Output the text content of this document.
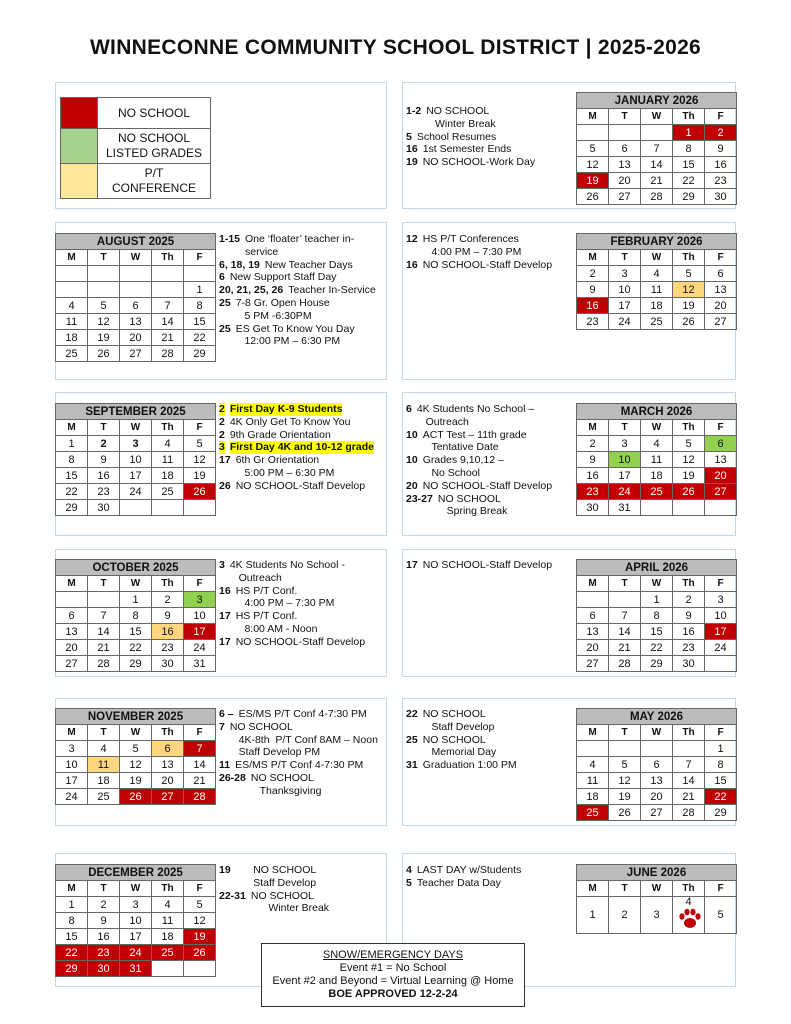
WINNECONNE COMMUNITY SCHOOL DISTRICT | 2025-2026
	NO SCHOOL
	NO SCHOOL
LISTED GRADES
	P/T
CONFERENCE
JANUARY 2026				
M	T	W	Th	F
			1	2
5	6	7	8	9
12	13	14	15	16
19	20	21	22	23
26	27	28	29	30
AUGUST 2025				
M	T	W	Th	F

				1
4	5	6	7	8
11	12	13	14	15
18	19	20	21	22
25	26	27	28	29
FEBRUARY 2026				
M	T	W	Th	F
2	3	4	5	6
9	10	11	12	13
16	17	18	19	20
23	24	25	26	27
SEPTEMBER 2025				
M	T	W	Th	F
1	2	3	4	5
8	9	10	11	12
15	16	17	18	19
22	23	24	25	26
29	30			
MARCH 2026				
M	T	W	Th	F
2	3	4	5	6
9	10	11	12	13
16	17	18	19	20
23	24	25	26	27
30	31			
OCTOBER 2025				
M	T	W	Th	F
		1	2	3
6	7	8	9	10
13	14	15	16	17
20	21	22	23	24
27	28	29	30	31
APRIL 2026				
M	T	W	Th	F
		1	2	3
6	7	8	9	10
13	14	15	16	17
20	21	22	23	24
27	28	29	30	
NOVEMBER 2025				
M	T	W	Th	F
3	4	5	6	7
10	11	12	13	14
17	18	19	20	21
24	25	26	27	28
MAY 2026				
M	T	W	Th	F
				1
4	5	6	7	8
11	12	13	14	15
18	19	20	21	22
25	26	27	28	29
DECEMBER 2025				
M	T	W	Th	F
1	2	3	4	5
8	9	10	11	12
15	16	17	18	19
22	23	24	25	26
29	30	31		
JUNE 2026				
M	T	W	Th	F
1	2	3	4	5
1-2 NO SCHOOL
Winter Break
5 School Resumes
16 1st Semester Ends
19 NO SCHOOL-Work Day
1-15 One ‘floater’ teacher in-
service
6, 18, 19 New Teacher Days
6 New Support Staff Day
20, 21, 25, 26 Teacher In-Service
25 7-8 Gr. Open House
5 PM -6:30PM
25 ES Get To Know You Day
12:00 PM – 6:30 PM
12 HS P/T Conferences
4:00 PM – 7:30 PM
16 NO SCHOOL-Staff Develop
2 First Day K-9 Students
2 4K Only Get To Know You
2 9th Grade Orientation
3 First Day 4K and 10-12 grade
17 6th Gr Orientation
5:00 PM – 6:30 PM
26 NO SCHOOL-Staff Develop
6 4K Students No School –
Outreach
10 ACT Test – 11th grade
Tentative Date
10 Grades 9,10,12 –
No School
20 NO SCHOOL-Staff Develop
23-27 NO SCHOOL
Spring Break
3 4K Students No School -
Outreach
16 HS P/T Conf.
4:00 PM – 7:30 PM
17 HS P/T Conf.
8:00 AM - Noon
17 NO SCHOOL-Staff Develop
17 NO SCHOOL-Staff Develop
6 – ES/MS P/T Conf 4-7:30 PM
7 NO SCHOOL
4K-8th  P/T Conf 8AM – Noon
Staff Develop PM
11 ES/MS P/T Conf 4-7:30 PM
26-28 NO SCHOOL
Thanksgiving
22 NO SCHOOL
Staff Develop
25 NO SCHOOL
Memorial Day
31 Graduation 1:00 PM
19	NO SCHOOL
Staff Develop
22-31 NO SCHOOL
Winter Break
4 LAST DAY w/Students
5 Teacher Data Day
SNOW/EMERGENCY DAYS
Event #1 = No School
Event #2 and Beyond = Virtual Learning @ Home
BOE APPROVED 12-2-24
